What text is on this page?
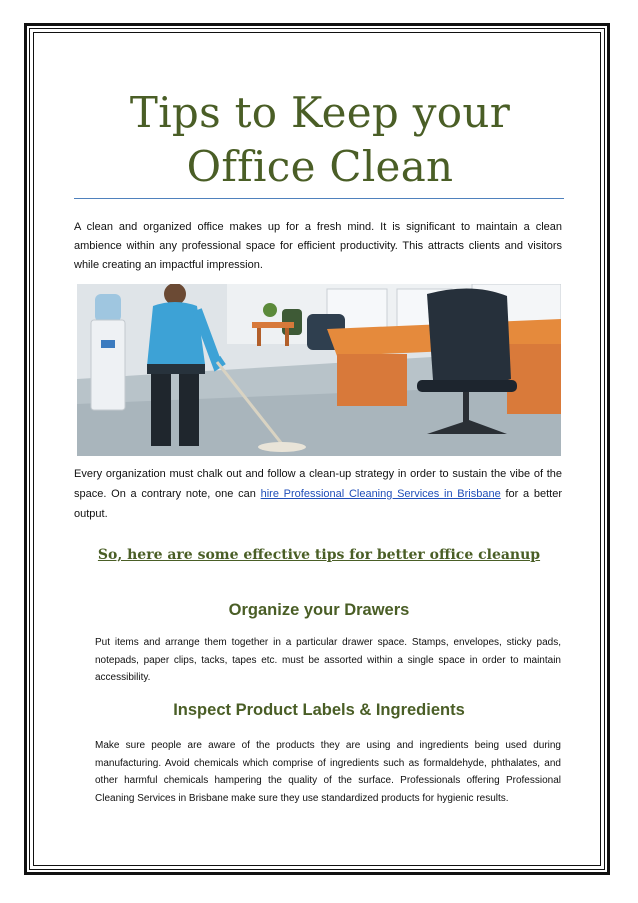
Tips to Keep your Office Clean

A clean and organized office makes up for a fresh mind. It is significant to maintain a clean ambience within any professional space for efficient productivity. This attracts clients and visitors while creating an impactful impression.

Every organization must chalk out and follow a clean-up strategy in order to sustain the vibe of the space. On a contrary note, one can hire Professional Cleaning Services in Brisbane for a better output.

So, here are some effective tips for better office cleanup
Organize your Drawers

Put items and arrange them together in a particular drawer space. Stamps, envelopes, sticky pads, notepads, paper clips, tacks, tapes etc. must be assorted within a single space in order to maintain accessibility.

Inspect Product Labels & Ingredients

Make sure people are aware of the products they are using and ingredients being used during manufacturing. Avoid chemicals which comprise of ingredients such as formaldehyde, phthalates, and other harmful chemicals hampering the quality of the surface. Professionals offering Professional Cleaning Services in Brisbane make sure they use standardized products for hygienic results.
